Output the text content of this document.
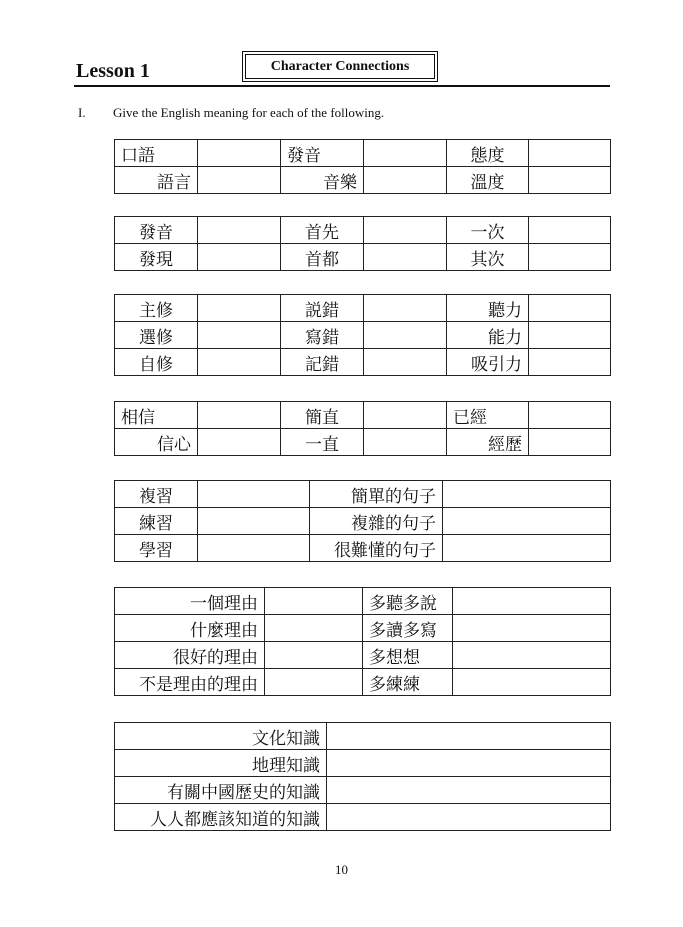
Lesson 1	Character Connections
I. Give the English meaning for each of the following.
口語		發音		態度	
語言		音樂		溫度	
發音		首先		一次	
發現		首都		其次	
主修		説錯		聽力	
選修		寫錯		能力	
自修		記錯		吸引力	
相信		簡直		已經	
信心		一直		經歷	
複習		簡單的句子	
練習		複雜的句子	
學習		很難懂的句子	
一個理由		多聽多說	
什麼理由		多讀多寫	
很好的理由		多想想	
不是理由的理由		多練練	
文化知識	
地理知識	
有關中國歷史的知識	
人人都應該知道的知識	
10
